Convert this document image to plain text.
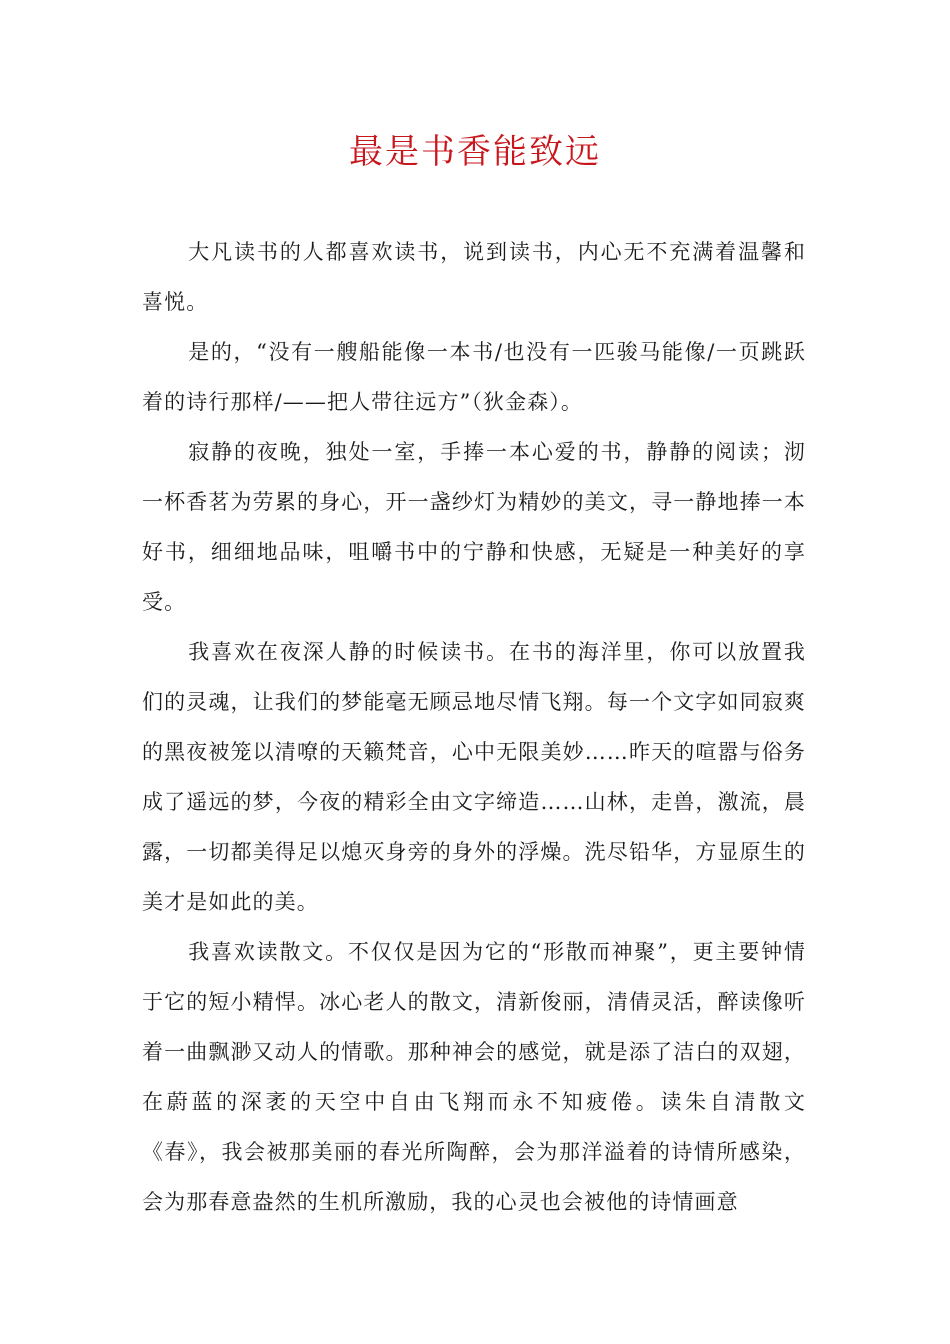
最是书香能致远

大凡读书的人都喜欢读书，说到读书，内心无不充满着温馨和喜悦。

是的，“没有一艘船能像一本书/也没有一匹骏马能像/一页跳跃着的诗行那样/——把人带往远方”（狄金森）。

寂静的夜晚，独处一室，手捧一本心爱的书，静静的阅读；沏一杯香茗为劳累的身心，开一盏纱灯为精妙的美文，寻一静地捧一本好书，细细地品味，咀嚼书中的宁静和快感，无疑是一种美好的享受。

我喜欢在夜深人静的时候读书。在书的海洋里，你可以放置我们的灵魂，让我们的梦能毫无顾忌地尽情飞翔。每一个文字如同寂爽的黑夜被笼以清嘹的天籁梵音，心中无限美妙……昨天的喧嚣与俗务成了遥远的梦，今夜的精彩全由文字缔造……山林，走兽，激流，晨露，一切都美得足以熄灭身旁的身外的浮燥。洗尽铅华，方显原生的美才是如此的美。

我喜欢读散文。不仅仅是因为它的“形散而神聚”，更主要钟情于它的短小精悍。冰心老人的散文，清新俊丽，清倩灵活，醉读像听着一曲飘渺又动人的情歌。那种神会的感觉，就是添了洁白的双翅，在蔚蓝的深袤的天空中自由飞翔而永不知疲倦。读朱自清散文《春》，我会被那美丽的春光所陶醉，会为那洋溢着的诗情所感染，会为那春意盎然的生机所激励，我的心灵也会被他的诗情画意
